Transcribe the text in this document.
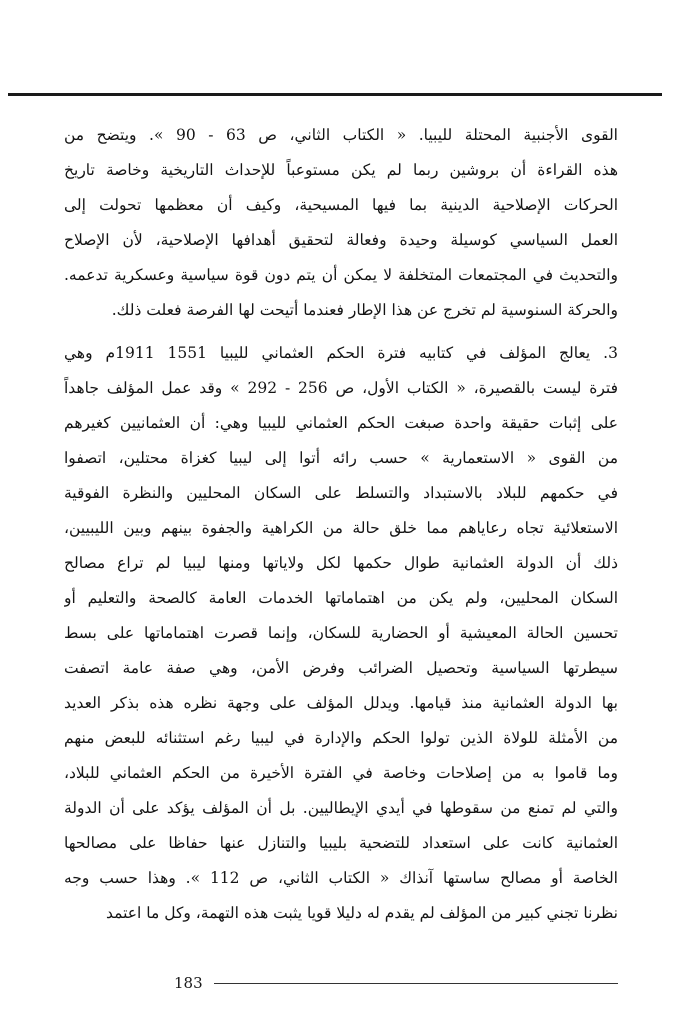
القوى الأجنبية المحتلة لليبيا. « الكتاب الثاني، ص 63 - 90 ». ويتضح من
هذه القراءة أن بروشين ربما لم يكن مستوعباً للإحداث التاريخية وخاصة تاريخ
الحركات الإصلاحية الدينية بما فيها المسيحية، وكيف أن معظمها تحولت إلى
العمل السياسي كوسيلة وحيدة وفعالة لتحقيق أهدافها الإصلاحية، لأن الإصلاح
والتحديث في المجتمعات المتخلفة لا يمكن أن يتم دون قوة سياسية وعسكرية تدعمه.
والحركة السنوسية لم تخرج عن هذا الإطار فعندما أتيحت لها الفرصة فعلت ذلك.
3. يعالج المؤلف في كتابيه فترة الحكم العثماني لليبيا 1551 1911م وهي
فترة ليست بالقصيرة، « الكتاب الأول، ص 256 - 292 » وقد عمل المؤلف جاهداً
على إثبات حقيقة واحدة صبغت الحكم العثماني لليبيا وهي: أن العثمانيين كغيرهم
من القوى « الاستعمارية » حسب رائه أتوا إلى ليبيا كغزاة محتلين، اتصفوا
في حكمهم للبلاد بالاستبداد والتسلط على السكان المحليين والنظرة الفوقية
الاستعلائية تجاه رعاياهم مما خلق حالة من الكراهية والجفوة بينهم وبين الليبيين،
ذلك أن الدولة العثمانية طوال حكمها لكل ولاياتها ومنها ليبيا لم تراع مصالح
السكان المحليين، ولم يكن من اهتماماتها الخدمات العامة كالصحة والتعليم أو
تحسين الحالة المعيشية أو الحضارية للسكان، وإنما قصرت اهتماماتها على بسط
سيطرتها السياسية وتحصيل الضرائب وفرض الأمن، وهي صفة عامة اتصفت
بها الدولة العثمانية منذ قيامها. ويدلل المؤلف على وجهة نظره هذه بذكر العديد
من الأمثلة للولاة الذين تولوا الحكم والإدارة في ليبيا رغم استثنائه للبعض منهم
وما قاموا به من إصلاحات وخاصة في الفترة الأخيرة من الحكم العثماني للبلاد،
والتي لم تمنع من سقوطها في أيدي الإيطاليين. بل أن المؤلف يؤكد على أن الدولة
العثمانية كانت على استعداد للتضحية بليبيا والتنازل عنها حفاظا على مصالحها
الخاصة أو مصالح ساستها آنذاك « الكتاب الثاني، ص 112 ». وهذا حسب وجه
نظرنا تجني كبير من المؤلف لم يقدم له دليلا قويا يثبت هذه التهمة، وكل ما اعتمد
183
